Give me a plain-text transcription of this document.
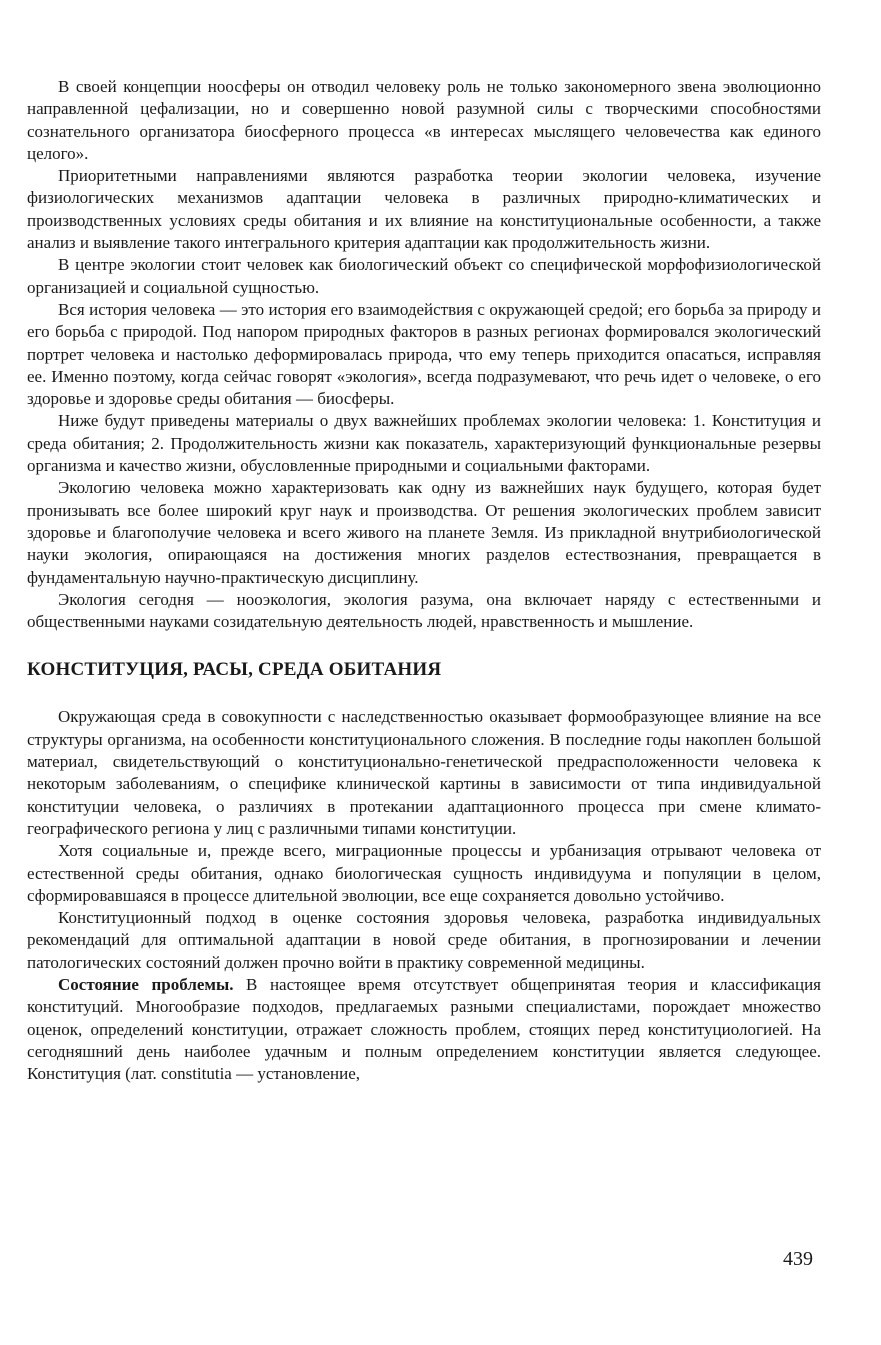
В своей концепции ноосферы он отводил человеку роль не только закономерного звена эволюционно направленной цефализации, но и совершенно новой разумной силы с творческими способностями сознательного организатора биосферного процесса «в интересах мыслящего человечества как единого целого».

Приоритетными направлениями являются разработка теории экологии человека, изучение физиологических механизмов адаптации человека в различных природно-климатических и производственных условиях среды обитания и их влияние на конституциональные особенности, а также анализ и выявление такого интегрального критерия адаптации как продолжительность жизни.

В центре экологии стоит человек как биологический объект со специфической морфофизиологической организацией и социальной сущностью.

Вся история человека — это история его взаимодействия с окружающей средой; его борьба за природу и его борьба с природой. Под напором природных факторов в разных регионах формировался экологический портрет человека и настолько деформировалась природа, что ему теперь приходится опасаться, исправляя ее. Именно поэтому, когда сейчас говорят «экология», всегда подразумевают, что речь идет о человеке, о его здоровье и здоровье среды обитания — биосферы.

Ниже будут приведены материалы о двух важнейших проблемах экологии человека: 1. Конституция и среда обитания; 2. Продолжительность жизни как показатель, характеризующий функциональные резервы организма и качество жизни, обусловленные природными и социальными факторами.

Экологию человека можно характеризовать как одну из важнейших наук будущего, которая будет пронизывать все более широкий круг наук и производства. От решения экологических проблем зависит здоровье и благополучие человека и всего живого на планете Земля. Из прикладной внутрибиологической науки экология, опирающаяся на достижения многих разделов естествознания, превращается в фундаментальную научно-практическую дисциплину.

Экология сегодня — нооэкология, экология разума, она включает наряду с естественными и общественными науками созидательную деятельность людей, нравственность и мышление.

КОНСТИТУЦИЯ, РАСЫ, СРЕДА ОБИТАНИЯ

Окружающая среда в совокупности с наследственностью оказывает формообразующее влияние на все структуры организма, на особенности конституционального сложения. В последние годы накоплен большой материал, свидетельствующий о конституционально-генетической предрасположенности человека к некоторым заболеваниям, о специфике клинической картины в зависимости от типа индивидуальной конституции человека, о различиях в протекании адаптационного процесса при смене климато-географического региона у лиц с различными типами конституции.

Хотя социальные и, прежде всего, миграционные процессы и урбанизация отрывают человека от естественной среды обитания, однако биологическая сущность индивидуума и популяции в целом, сформировавшаяся в процессе длительной эволюции, все еще сохраняется довольно устойчиво.

Конституционный подход в оценке состояния здоровья человека, разработка индивидуальных рекомендаций для оптимальной адаптации в новой среде обитания, в прогнозировании и лечении патологических состояний должен прочно войти в практику современной медицины.

Состояние проблемы. В настоящее время отсутствует общепринятая теория и классификация конституций. Многообразие подходов, предлагаемых разными специалистами, порождает множество оценок, определений конституции, отражает сложность проблем, стоящих перед конституциологией. На сегодняшний день наиболее удачным и полным определением конституции является следующее. Конституция (лат. constitutia — установление,

439
